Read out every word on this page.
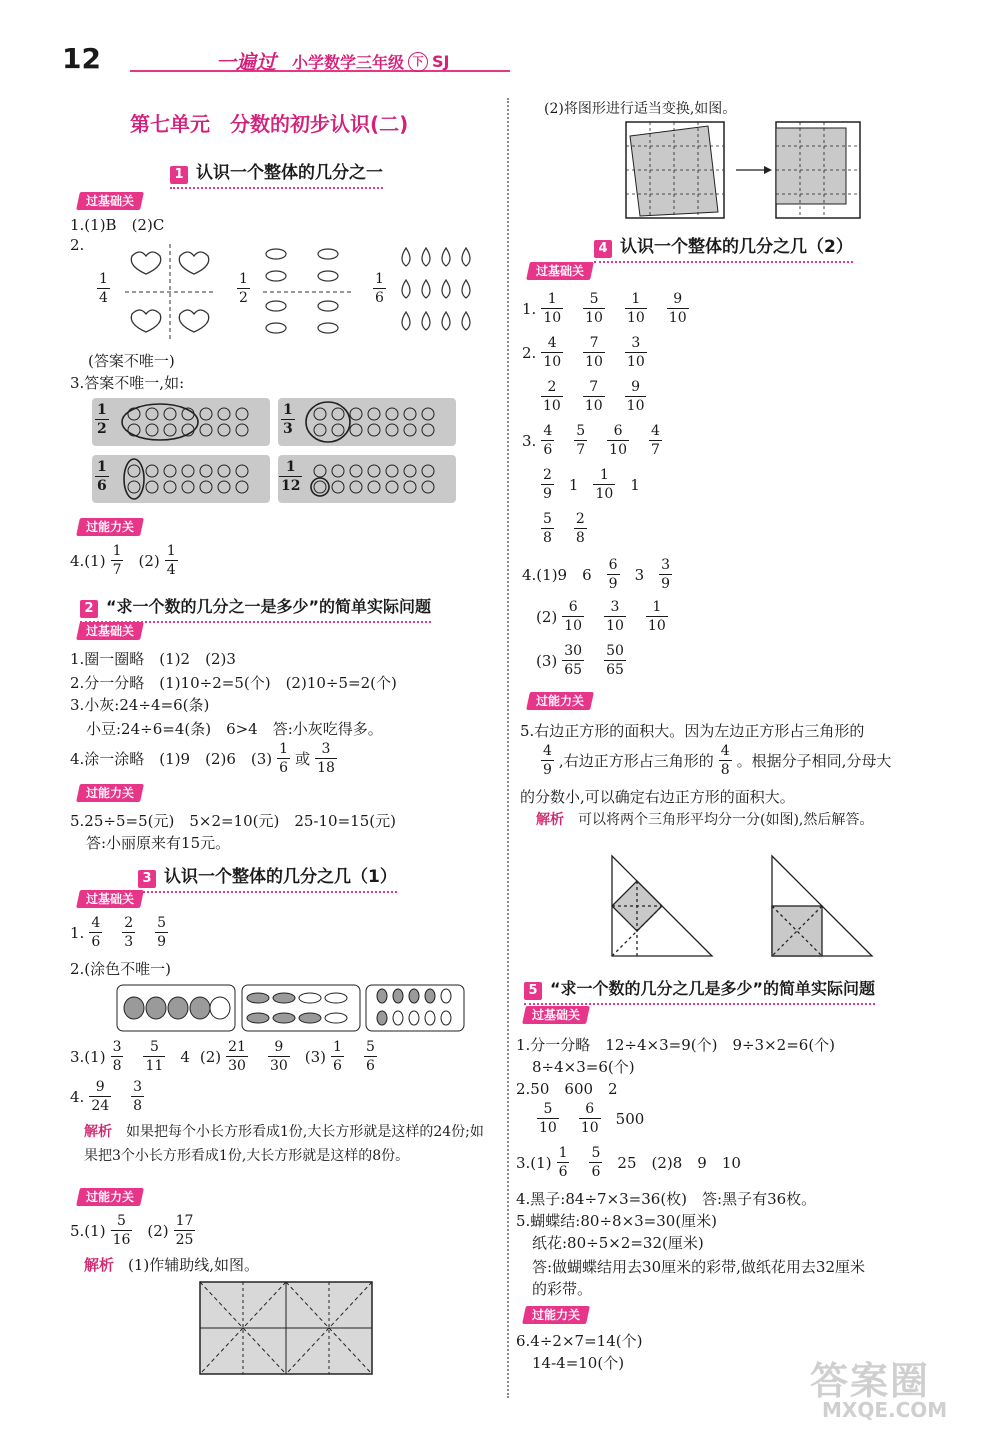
12	一遍过 小学数学三年级 下 SJ
第七单元　分数的初步认识(二)
1 认识一个整体的几分之一
过基础关
1.(1)B　(2)C
2.
$\frac{1}{4}$	$\frac{1}{2}$	$\frac{1}{6}$
(答案不唯一)
3.答案不唯一,如:
$\frac{1}{2}$	$\frac{1}{3}$
$\frac{1}{6}$	$\frac{1}{12}$
过能力关
$4.(1) \frac{1}{7} (2) \frac{1}{4}$
2 “求一个数的几分之一是多少”的简单实际问题
过基础关
1.圈一圈略　(1)2　(2)3
2.分一分略　(1)10÷2=5(个)　(2)10÷5=2(个)
3.小灰:24÷4=6(条)
小豆:24÷6=4(条)　6>4　答:小灰吃得多。
4.涂一涂略　(1)9　(2)6　$(3) \frac{1}{6}$ 或 $\frac{3}{18}$
过能力关
5.25÷5=5(元)　5×2=10(元)　25-10=15(元)
答:小丽原来有15元。
3 认识一个整体的几分之几（1）
过基础关
1. $\frac{4}{6} \frac{2}{3} \frac{5}{9}$
2.(涂色不唯一)
$3.(1) \frac{3}{8} \frac{5}{11} 4$ $(2) \frac{21}{30} \frac{9}{30} (3) \frac{1}{6} \frac{5}{6}$
4. $\frac{9}{24} \frac{3}{8}$
解析 如果把每个小长方形看成1份,大长方形就是这样的24份;如果把3个小长方形看成1份,大长方形就是这样的8份。
过能力关
$5.(1) \frac{5}{16} (2) \frac{17}{25}$
解析 (1)作辅助线,如图。
(2)将图形进行适当变换,如图。
4 认识一个整体的几分之几（2）
过基础关
1. $\frac{1}{10} \frac{5}{10} \frac{1}{10} \frac{9}{10}$
2. $\frac{4}{10} \frac{7}{10} \frac{3}{10}$
$\frac{2}{10} \frac{7}{10} \frac{9}{10}$
3. $\frac{4}{6} \frac{5}{7} \frac{6}{10} \frac{4}{7}$
$\frac{2}{9} 1 \frac{1}{10} 1$
$\frac{5}{8} \frac{2}{8}$
4.(1)9　$6 \frac{6}{9} 3 \frac{3}{9}$
$(2) \frac{6}{10} \frac{3}{10} \frac{1}{10}$
$(3) \frac{30}{65} \frac{50}{65}$
过能力关
5.右边正方形的面积大。因为左边正方形占三角形的
$\frac{4}{9}$ ,右边正方形占三角形的 $\frac{4}{8}$ 。根据分子相同,分母大
的分数小,可以确定右边正方形的面积大。
解析 可以将两个三角形平均分一分(如图),然后解答。
5 “求一个数的几分之几是多少”的简单实际问题
过基础关
1.分一分略　12÷4×3=9(个)　9÷3×2=6(个)
8÷4×3=6(个)
2.50　600　2
$\frac{5}{10} \frac{6}{10} 500$
$3.(1) \frac{1}{6} \frac{5}{6} 25$　(2)8　9　10
4.黑子:84÷7×3=36(枚)　答:黑子有36枚。
5.蝴蝶结:80÷8×3=30(厘米)
纸花:80÷5×2=32(厘米)
答:做蝴蝶结用去30厘米的彩带,做纸花用去32厘米
的彩带。
过能力关
6.4÷2×7=14(个)
14-4=10(个)	答案圈
MXQE.COM
